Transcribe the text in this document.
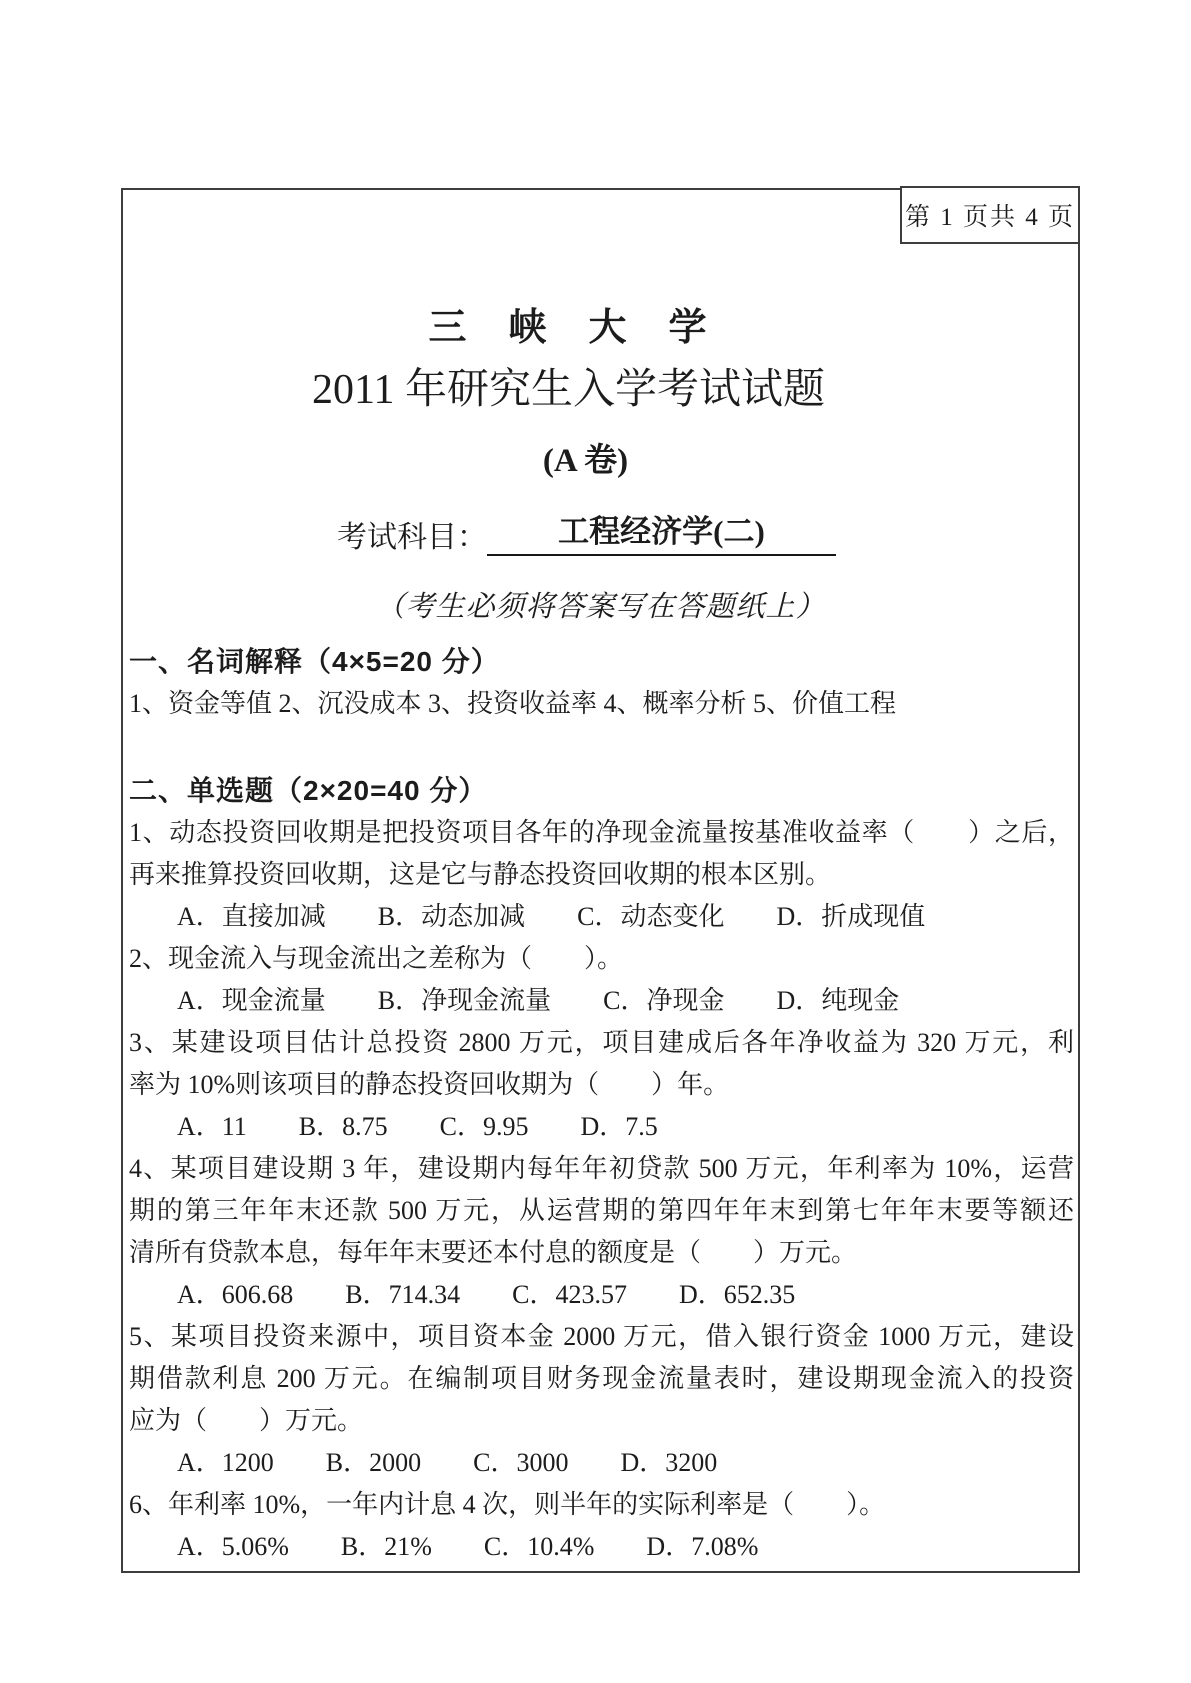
第 1 页共 4 页
三峡大学
2011 年研究生入学考试试题
(A 卷)
考试科目： 工程经济学(二)
（考生必须将答案写在答题纸上）

一、名词解释（4×5=20 分）

1、资金等值 2、沉没成本 3、投资收益率 4、概率分析 5、价值工程

二、单选题（2×20=40 分）

1、动态投资回收期是把投资项目各年的净现金流量按基准收益率（　　）之后，

再来推算投资回收期，这是它与静态投资回收期的根本区别。

A．直接加减　　B．动态加减　　C．动态变化　　D．折成现值

2、现金流入与现金流出之差称为（　　）。

A．现金流量　　B．净现金流量　　C．净现金　　D．纯现金

3、某建设项目估计总投资 2800 万元，项目建成后各年净收益为 320 万元，利

率为 10%则该项目的静态投资回收期为（　　）年。

A．11　　B．8.75　　C．9.95　　D．7.5

4、某项目建设期 3 年，建设期内每年年初贷款 500 万元，年利率为 10%，运营

期的第三年年末还款 500 万元，从运营期的第四年年末到第七年年末要等额还

清所有贷款本息，每年年末要还本付息的额度是（　　）万元。

A．606.68　　B．714.34　　C．423.57　　D．652.35

5、某项目投资来源中，项目资本金 2000 万元，借入银行资金 1000 万元，建设

期借款利息 200 万元。在编制项目财务现金流量表时，建设期现金流入的投资

应为（　　）万元。

A．1200　　B．2000　　C．3000　　D．3200

6、年利率 10%，一年内计息 4 次，则半年的实际利率是（　　）。

A．5.06%　　B．21%　　C．10.4%　　D．7.08%
